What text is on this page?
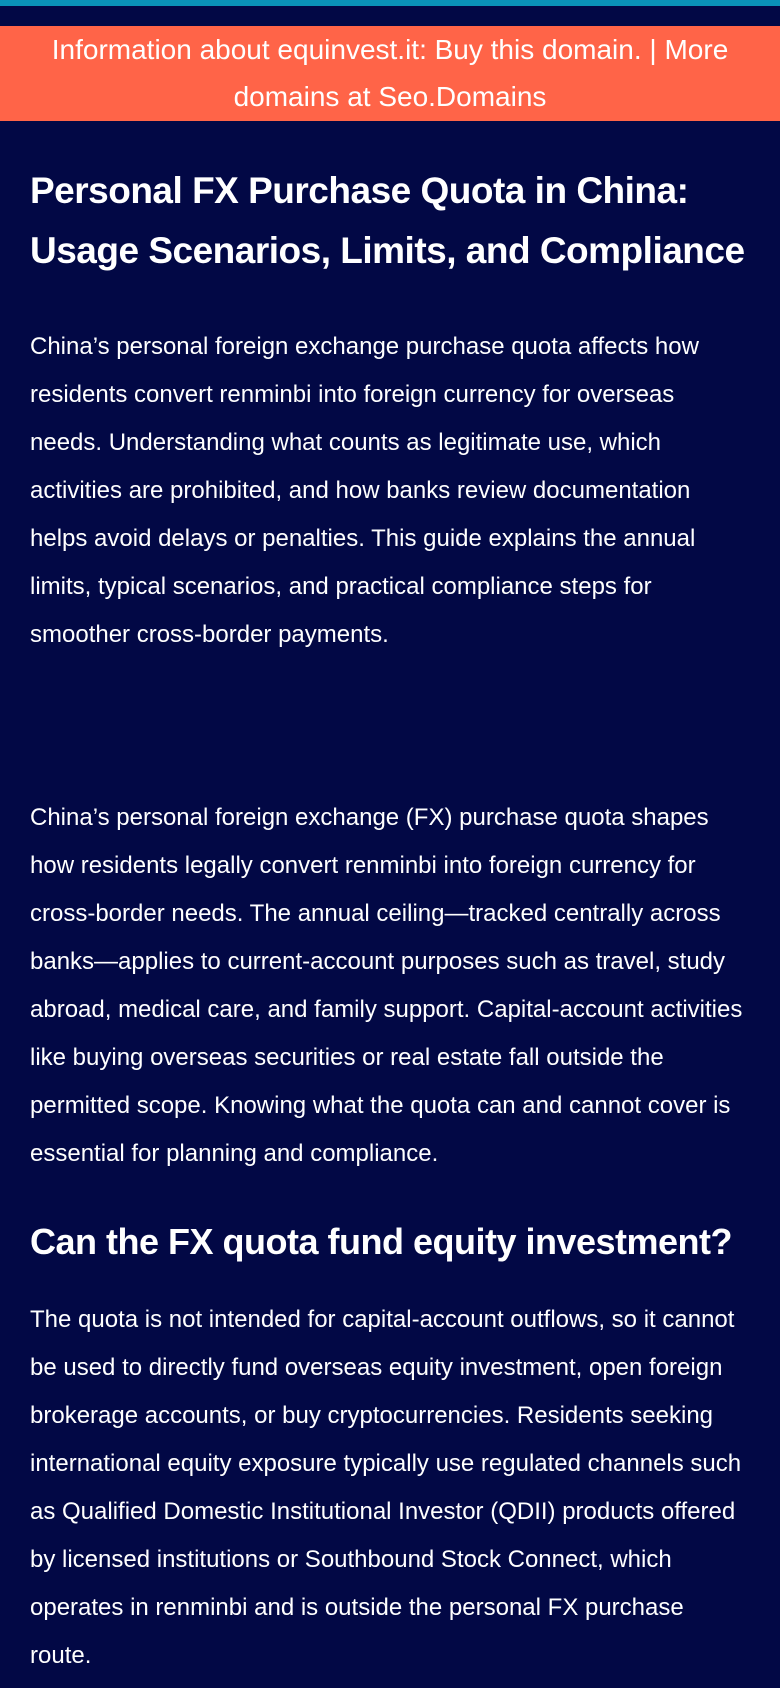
Information about equinvest.it: Buy this domain. | More domains at Seo.Domains
Personal FX Purchase Quota in China: Usage Scenarios, Limits, and Compliance

China’s personal foreign exchange purchase quota affects how residents convert renminbi into foreign currency for overseas needs. Understanding what counts as legitimate use, which activities are prohibited, and how banks review documentation helps avoid delays or penalties. This guide explains the annual limits, typical scenarios, and practical compliance steps for smoother cross-border payments.

China’s personal foreign exchange (FX) purchase quota shapes how residents legally convert renminbi into foreign currency for cross-border needs. The annual ceiling—tracked centrally across banks—applies to current-account purposes such as travel, study abroad, medical care, and family support. Capital-account activities like buying overseas securities or real estate fall outside the permitted scope. Knowing what the quota can and cannot cover is essential for planning and compliance.

Can the FX quota fund equity investment?

The quota is not intended for capital-account outflows, so it cannot be used to directly fund overseas equity investment, open foreign brokerage accounts, or buy cryptocurrencies. Residents seeking international equity exposure typically use regulated channels such as Qualified Domestic Institutional Investor (QDII) products offered by licensed institutions or Southbound Stock Connect, which operates in renminbi and is outside the personal FX purchase route.
